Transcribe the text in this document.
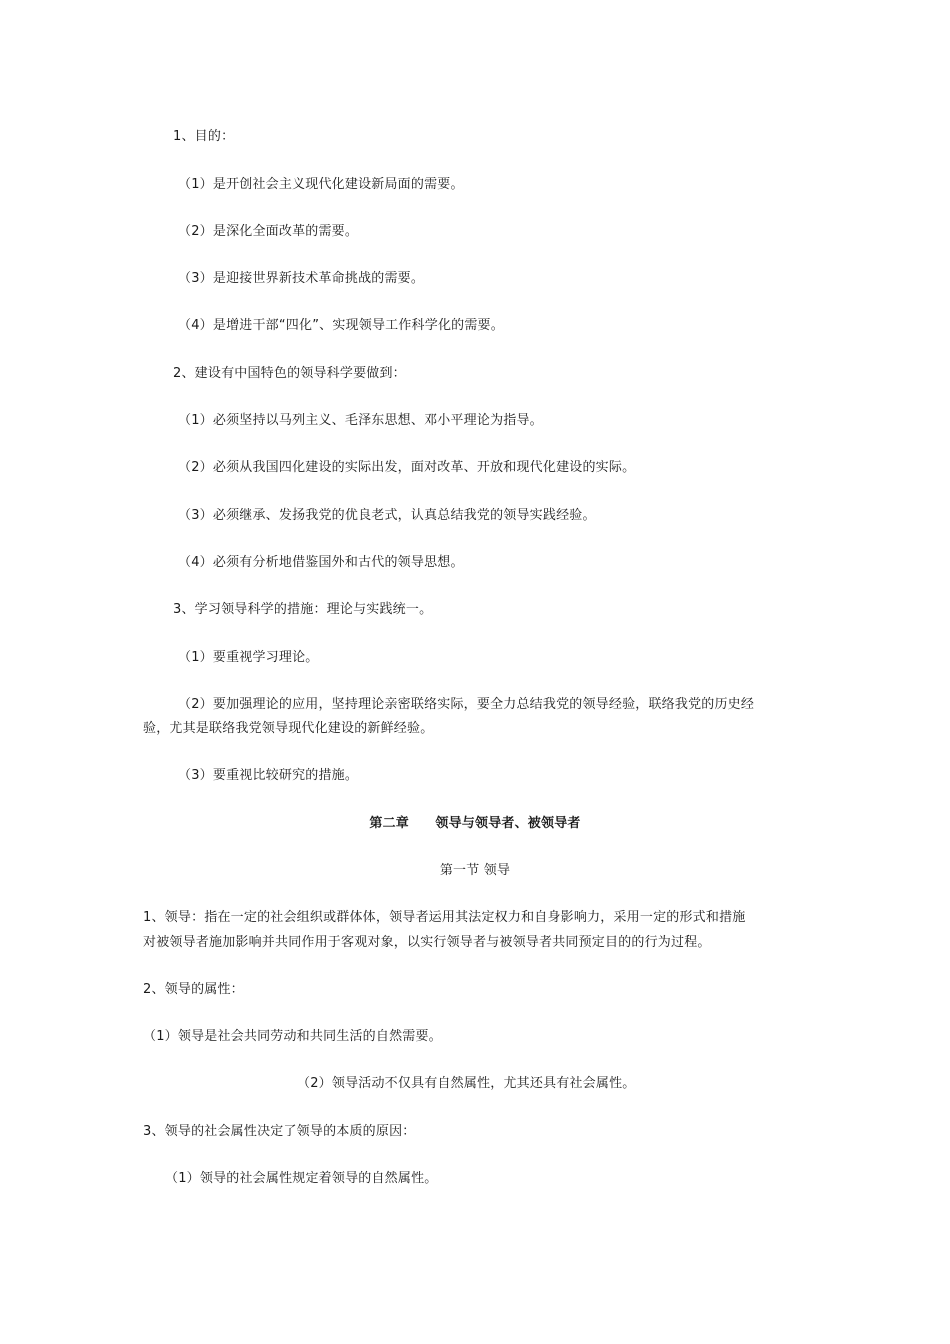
1、目的：
（1）是开创社会主义现代化建设新局面的需要。
（2）是深化全面改革的需要。
（3）是迎接世界新技术革命挑战的需要。
（4）是增进干部“四化”、实现领导工作科学化的需要。
2、建设有中国特色的领导科学要做到：
（1）必须坚持以马列主义、毛泽东思想、邓小平理论为指导。
（2）必须从我国四化建设的实际出发，面对改革、开放和现代化建设的实际。
（3）必须继承、发扬我党的优良老式，认真总结我党的领导实践经验。
（4）必须有分析地借鉴国外和古代的领导思想。
3、学习领导科学的措施：理论与实践统一。
（1）要重视学习理论。
（2）要加强理论的应用，坚持理论亲密联络实际，要全力总结我党的领导经验，联络我党的历史经
验，尤其是联络我党领导现代化建设的新鲜经验。
（3）要重视比较研究的措施。
第二章　　领导与领导者、被领导者
第一节 领导
1、领导：指在一定的社会组织或群体体，领导者运用其法定权力和自身影响力，采用一定的形式和措施
对被领导者施加影响并共同作用于客观对象，以实行领导者与被领导者共同预定目的的行为过程。
2、领导的属性：
（1）领导是社会共同劳动和共同生活的自然需要。
（2）领导活动不仅具有自然属性，尤其还具有社会属性。
3、领导的社会属性决定了领导的本质的原因：
（1）领导的社会属性规定着领导的自然属性。
